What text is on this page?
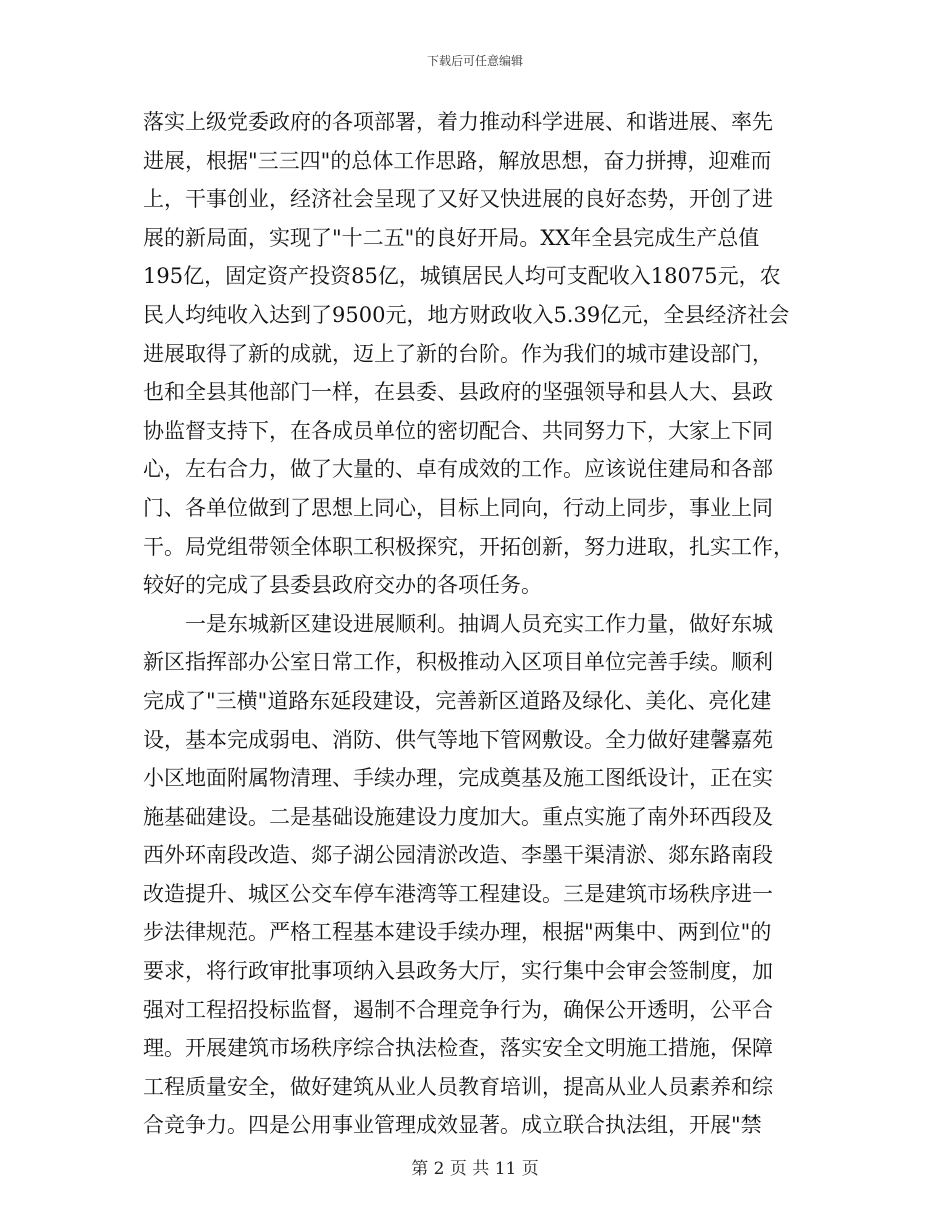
下载后可任意编辑
落实上级党委政府的各项部署，着力推动科学进展、和谐进展、率先
进展，根据"三三四"的总体工作思路，解放思想，奋力拼搏，迎难而
上，干事创业，经济社会呈现了又好又快进展的良好态势，开创了进
展的新局面，实现了"十二五"的良好开局。XX年全县完成生产总值
195亿，固定资产投资85亿，城镇居民人均可支配收入18075元，农
民人均纯收入达到了9500元，地方财政收入5.39亿元，全县经济社会
进展取得了新的成就，迈上了新的台阶。作为我们的城市建设部门，
也和全县其他部门一样，在县委、县政府的坚强领导和县人大、县政
协监督支持下，在各成员单位的密切配合、共同努力下，大家上下同
心，左右合力，做了大量的、卓有成效的工作。应该说住建局和各部
门、各单位做到了思想上同心，目标上同向，行动上同步，事业上同
干。局党组带领全体职工积极探究，开拓创新，努力进取，扎实工作，
较好的完成了县委县政府交办的各项任务。
一是东城新区建设进展顺利。抽调人员充实工作力量，做好东城
新区指挥部办公室日常工作，积极推动入区项目单位完善手续。顺利
完成了"三横"道路东延段建设，完善新区道路及绿化、美化、亮化建
设，基本完成弱电、消防、供气等地下管网敷设。全力做好建馨嘉苑
小区地面附属物清理、手续办理，完成奠基及施工图纸设计，正在实
施基础建设。二是基础设施建设力度加大。重点实施了南外环西段及
西外环南段改造、郯子湖公园清淤改造、李墨干渠清淤、郯东路南段
改造提升、城区公交车停车港湾等工程建设。三是建筑市场秩序进一
步法律规范。严格工程基本建设手续办理，根据"两集中、两到位"的
要求，将行政审批事项纳入县政务大厅，实行集中会审会签制度，加
强对工程招投标监督，遏制不合理竞争行为，确保公开透明，公平合
理。开展建筑市场秩序综合执法检查，落实安全文明施工措施，保障
工程质量安全，做好建筑从业人员教育培训，提高从业人员素养和综
合竞争力。四是公用事业管理成效显著。成立联合执法组，开展"禁
第 2 页 共 11 页
